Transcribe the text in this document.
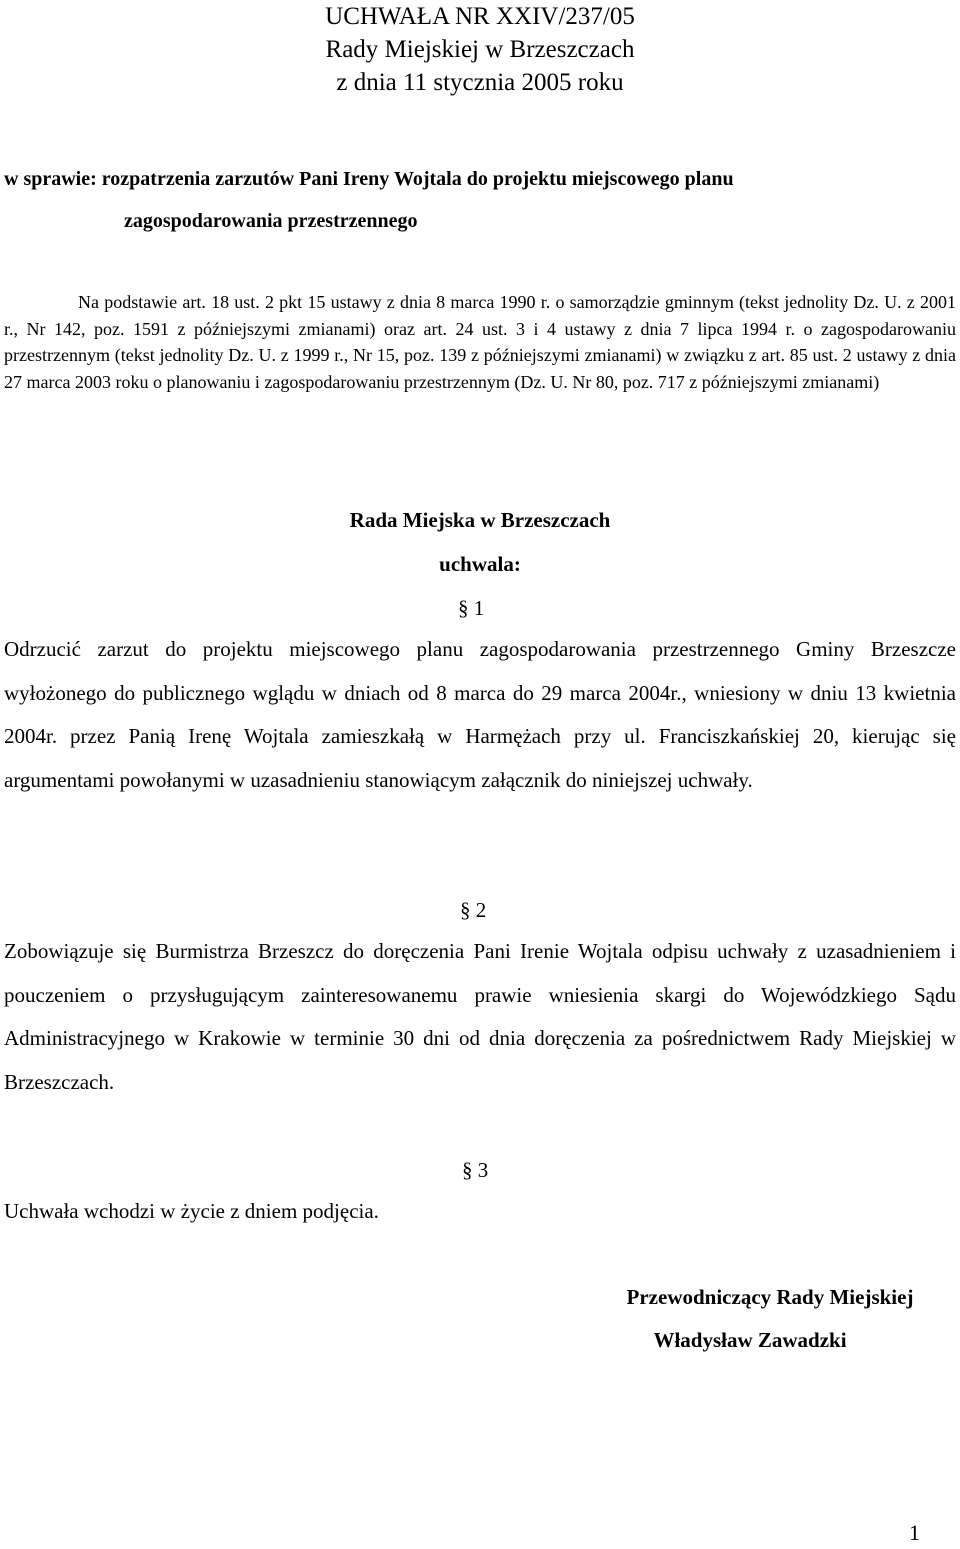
UCHWAŁA NR XXIV/237/05
Rady Miejskiej w Brzeszczach
z dnia 11 stycznia 2005 roku
w sprawie: rozpatrzenia zarzutów Pani Ireny Wojtala do projektu miejscowego planu
zagospodarowania przestrzennego

Na podstawie art. 18 ust. 2 pkt 15 ustawy z dnia 8 marca 1990 r. o samorządzie gminnym (tekst jednolity Dz. U. z 2001 r., Nr 142, poz. 1591 z późniejszymi zmianami) oraz art. 24 ust. 3 i 4 ustawy z dnia 7 lipca 1994 r. o zagospodarowaniu przestrzennym (tekst jednolity Dz. U. z 1999 r., Nr 15, poz. 139 z późniejszymi zmianami) w związku z art. 85 ust. 2 ustawy z dnia 27 marca 2003 roku o planowaniu i zagospodarowaniu przestrzennym (Dz. U. Nr 80, poz. 717 z późniejszymi zmianami)

Rada Miejska w Brzeszczach
uchwala:
§ 1

Odrzucić zarzut do projektu miejscowego planu zagospodarowania przestrzennego Gminy Brzeszcze wyłożonego do publicznego wglądu w dniach od 8 marca do 29 marca 2004r., wniesiony w dniu 13 kwietnia 2004r. przez Panią Irenę Wojtala zamieszkałą w Harmężach przy ul. Franciszkańskiej 20, kierując się argumentami powołanymi w uzasadnieniu stanowiącym załącznik do niniejszej uchwały.

§ 2

Zobowiązuje się Burmistrza Brzeszcz do doręczenia Pani Irenie Wojtala odpisu uchwały z uzasadnieniem i pouczeniem o przysługującym zainteresowanemu prawie wniesienia skargi do Wojewódzkiego Sądu Administracyjnego w Krakowie w terminie 30 dni od dnia doręczenia za pośrednictwem Rady Miejskiej w Brzeszczach.

§ 3

Uchwała wchodzi w życie z dniem podjęcia.

Przewodniczący Rady Miejskiej
Władysław Zawadzki
1
